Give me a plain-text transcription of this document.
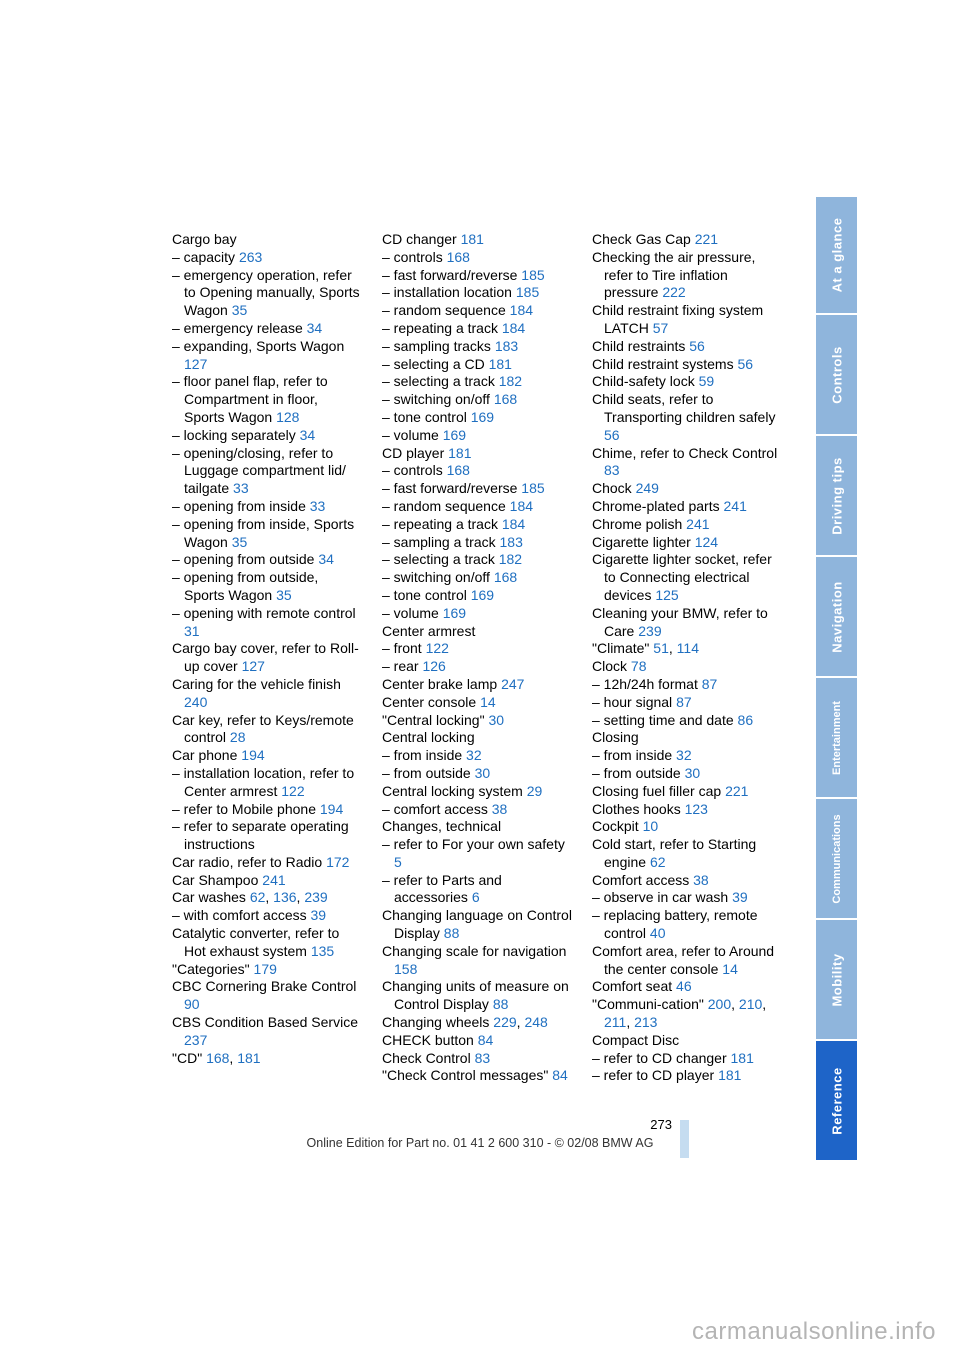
Cargo bay
– capacity 263
– emergency operation, refer to Opening manually, Sports Wagon 35
– emergency release 34
– expanding, Sports Wagon 127
– floor panel flap, refer to Compartment in floor, Sports Wagon 128
– locking separately 34
– opening/closing, refer to Luggage compartment lid/ tailgate 33
– opening from inside 33
– opening from inside, Sports Wagon 35
– opening from outside 34
– opening from outside, Sports Wagon 35
– opening with remote control 31
Cargo bay cover, refer to Roll-up cover 127
Caring for the vehicle finish 240
Car key, refer to Keys/remote control 28
Car phone 194
– installation location, refer to Center armrest 122
– refer to Mobile phone 194
– refer to separate operating instructions
Car radio, refer to Radio 172
Car Shampoo 241
Car washes 62, 136, 239
– with comfort access 39
Catalytic converter, refer to Hot exhaust system 135
"Categories" 179
CBC Cornering Brake Control 90
CBS Condition Based Service 237
"CD" 168, 181
CD changer 181
– controls 168
– fast forward/reverse 185
– installation location 185
– random sequence 184
– repeating a track 184
– sampling tracks 183
– selecting a CD 181
– selecting a track 182
– switching on/off 168
– tone control 169
– volume 169
CD player 181
– controls 168
– fast forward/reverse 185
– random sequence 184
– repeating a track 184
– sampling a track 183
– selecting a track 182
– switching on/off 168
– tone control 169
– volume 169
Center armrest
– front 122
– rear 126
Center brake lamp 247
Center console 14
"Central locking" 30
Central locking
– from inside 32
– from outside 30
Central locking system 29
– comfort access 38
Changes, technical
– refer to For your own safety 5
– refer to Parts and accessories 6
Changing language on Control Display 88
Changing scale for navigation 158
Changing units of measure on Control Display 88
Changing wheels 229, 248
CHECK button 84
Check Control 83
"Check Control messages" 84
Check Gas Cap 221
Checking the air pressure, refer to Tire inflation pressure 222
Child restraint fixing system LATCH 57
Child restraints 56
Child restraint systems 56
Child-safety lock 59
Child seats, refer to Transporting children safely 56
Chime, refer to Check Control 83
Chock 249
Chrome-plated parts 241
Chrome polish 241
Cigarette lighter 124
Cigarette lighter socket, refer to Connecting electrical devices 125
Cleaning your BMW, refer to Care 239
"Climate" 51, 114
Clock 78
– 12h/24h format 87
– hour signal 87
– setting time and date 86
Closing
– from inside 32
– from outside 30
Closing fuel filler cap 221
Clothes hooks 123
Cockpit 10
Cold start, refer to Starting engine 62
Comfort access 38
– observe in car wash 39
– replacing battery, remote control 40
Comfort area, refer to Around the center console 14
Comfort seat 46
"Communi-cation" 200, 210, 211, 213
Compact Disc
– refer to CD changer 181
– refer to CD player 181
At a glance
Controls
Driving tips
Navigation
Entertainment
Communications
Mobility
Reference
273
Online Edition for Part no. 01 41 2 600 310 - © 02/08 BMW AG
carmanualsonline.info
